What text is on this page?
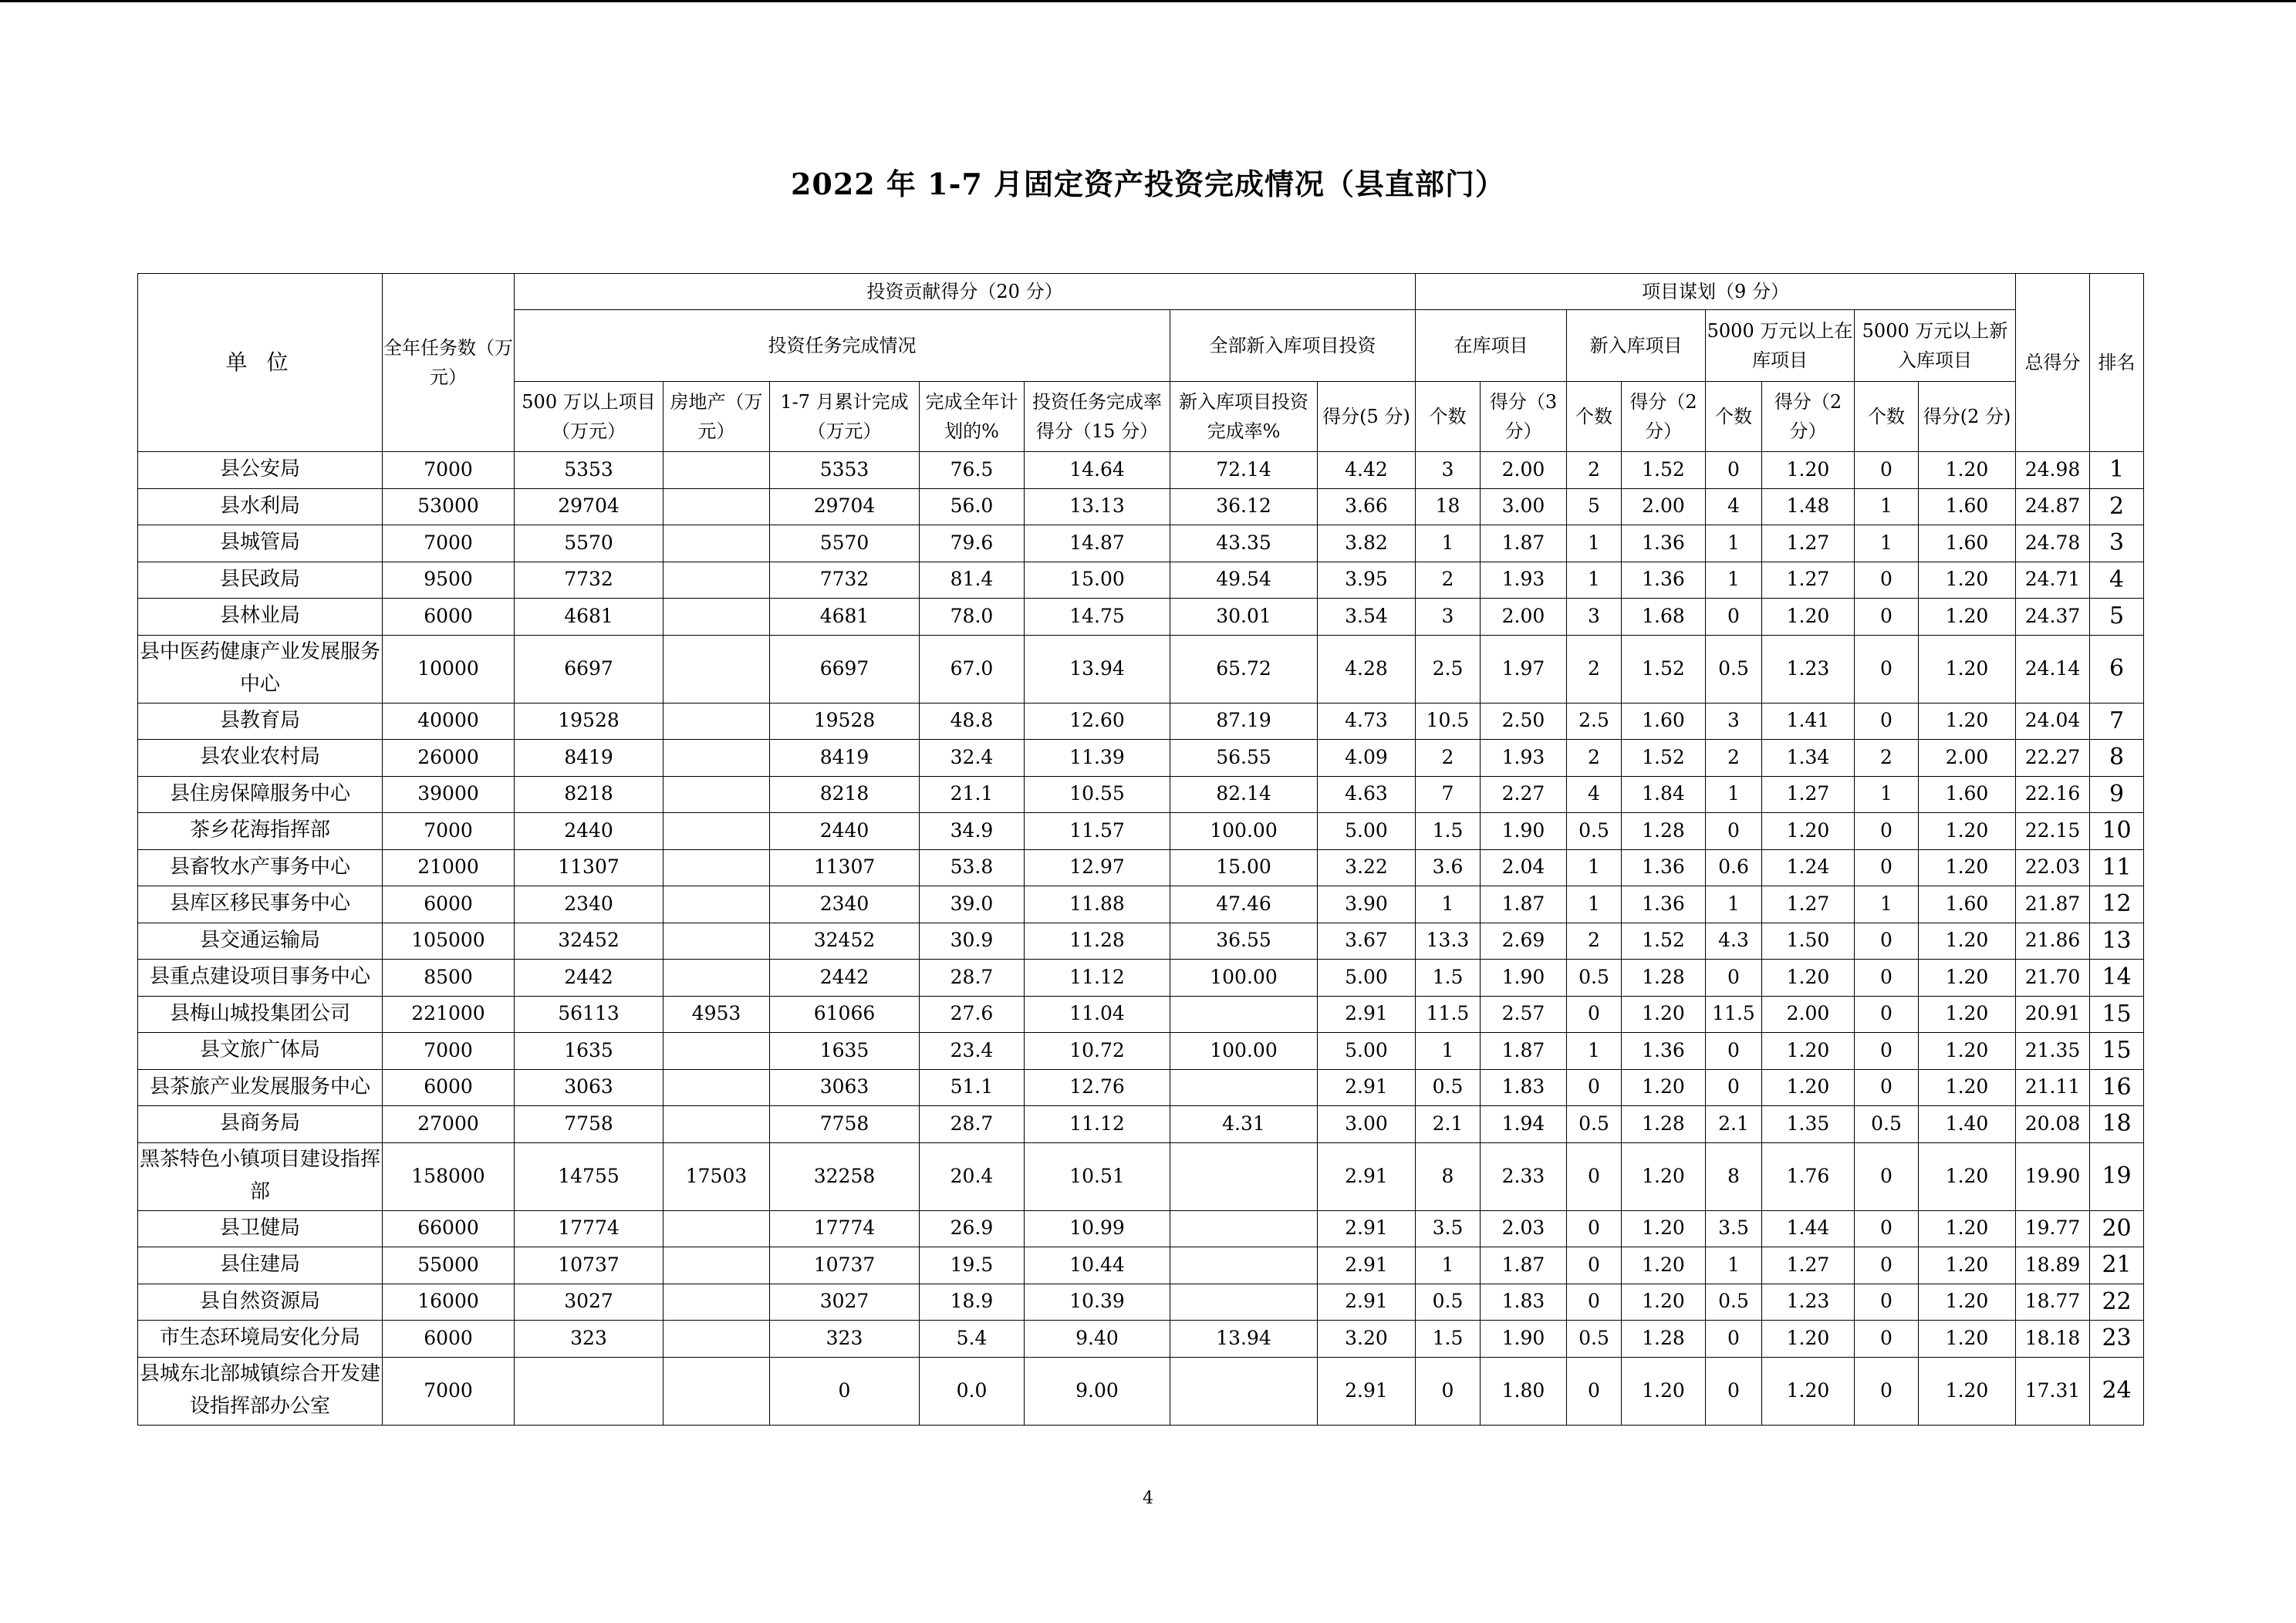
2022 年 1-7 月固定资产投资完成情况（县直部门）
单 位	全年任务数（万元）	投资贡献得分（20 分）							项目谋划（9 分）								总得分	排名
		投资任务完成情况					全部新入库项目投资		在库项目		新入库项目		5000 万元以上在库项目		5000 万元以上新入库项目			
		500 万以上项目（万元）	房地产（万元）	1-7 月累计完成（万元）	完成全年计划的%	投资任务完成率得分（15 分）	新入库项目投资完成率%	得分(5 分)	个数	得分（3 分）	个数	得分（2 分）	个数	得分（2 分）	个数	得分(2 分)		
县公安局	7000	5353		5353	76.5	14.64	72.14	4.42	3	2.00	2	1.52	0	1.20	0	1.20	24.98	1
县水利局	53000	29704		29704	56.0	13.13	36.12	3.66	18	3.00	5	2.00	4	1.48	1	1.60	24.87	2
县城管局	7000	5570		5570	79.6	14.87	43.35	3.82	1	1.87	1	1.36	1	1.27	1	1.60	24.78	3
县民政局	9500	7732		7732	81.4	15.00	49.54	3.95	2	1.93	1	1.36	1	1.27	0	1.20	24.71	4
县林业局	6000	4681		4681	78.0	14.75	30.01	3.54	3	2.00	3	1.68	0	1.20	0	1.20	24.37	5
县中医药健康产业发展服务中心	10000	6697		6697	67.0	13.94	65.72	4.28	2.5	1.97	2	1.52	0.5	1.23	0	1.20	24.14	6
县教育局	40000	19528		19528	48.8	12.60	87.19	4.73	10.5	2.50	2.5	1.60	3	1.41	0	1.20	24.04	7
县农业农村局	26000	8419		8419	32.4	11.39	56.55	4.09	2	1.93	2	1.52	2	1.34	2	2.00	22.27	8
县住房保障服务中心	39000	8218		8218	21.1	10.55	82.14	4.63	7	2.27	4	1.84	1	1.27	1	1.60	22.16	9
茶乡花海指挥部	7000	2440		2440	34.9	11.57	100.00	5.00	1.5	1.90	0.5	1.28	0	1.20	0	1.20	22.15	10
县畜牧水产事务中心	21000	11307		11307	53.8	12.97	15.00	3.22	3.6	2.04	1	1.36	0.6	1.24	0	1.20	22.03	11
县库区移民事务中心	6000	2340		2340	39.0	11.88	47.46	3.90	1	1.87	1	1.36	1	1.27	1	1.60	21.87	12
县交通运输局	105000	32452		32452	30.9	11.28	36.55	3.67	13.3	2.69	2	1.52	4.3	1.50	0	1.20	21.86	13
县重点建设项目事务中心	8500	2442		2442	28.7	11.12	100.00	5.00	1.5	1.90	0.5	1.28	0	1.20	0	1.20	21.70	14
县梅山城投集团公司	221000	56113	4953	61066	27.6	11.04		2.91	11.5	2.57	0	1.20	11.5	2.00	0	1.20	20.91	15
县文旅广体局	7000	1635		1635	23.4	10.72	100.00	5.00	1	1.87	1	1.36	0	1.20	0	1.20	21.35	15
县茶旅产业发展服务中心	6000	3063		3063	51.1	12.76		2.91	0.5	1.83	0	1.20	0	1.20	0	1.20	21.11	16
县商务局	27000	7758		7758	28.7	11.12	4.31	3.00	2.1	1.94	0.5	1.28	2.1	1.35	0.5	1.40	20.08	18
黑茶特色小镇项目建设指挥部	158000	14755	17503	32258	20.4	10.51		2.91	8	2.33	0	1.20	8	1.76	0	1.20	19.90	19
县卫健局	66000	17774		17774	26.9	10.99		2.91	3.5	2.03	0	1.20	3.5	1.44	0	1.20	19.77	20
县住建局	55000	10737		10737	19.5	10.44		2.91	1	1.87	0	1.20	1	1.27	0	1.20	18.89	21
县自然资源局	16000	3027		3027	18.9	10.39		2.91	0.5	1.83	0	1.20	0.5	1.23	0	1.20	18.77	22
市生态环境局安化分局	6000	323		323	5.4	9.40	13.94	3.20	1.5	1.90	0.5	1.28	0	1.20	0	1.20	18.18	23
县城东北部城镇综合开发建设指挥部办公室	7000			0	0.0	9.00		2.91	0	1.80	0	1.20	0	1.20	0	1.20	17.31	24
4
